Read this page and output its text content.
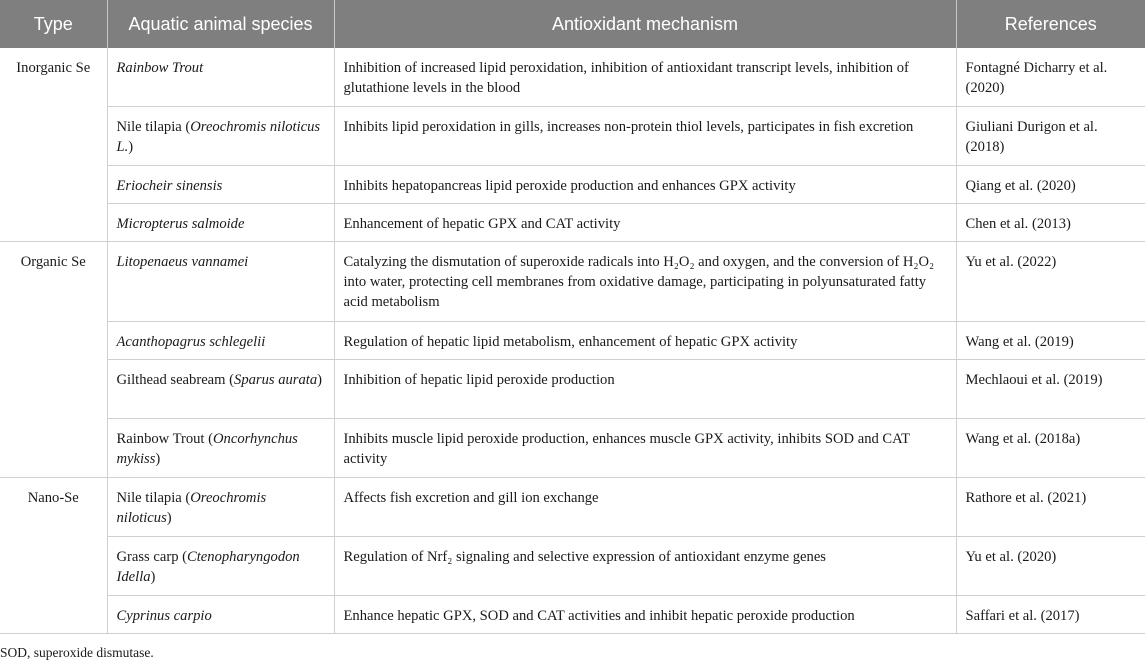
Type	Aquatic animal species	Antioxidant mechanism	References
Inorganic Se	Rainbow Trout	Inhibition of increased lipid peroxidation, inhibition of antioxidant transcript levels, inhibition of glutathione levels in the blood	Fontagné Dicharry et al. (2020)
	Nile tilapia (Oreochromis niloticus L.)	Inhibits lipid peroxidation in gills, increases non-protein thiol levels, participates in fish excretion	Giuliani Durigon et al. (2018)
	Eriocheir sinensis	Inhibits hepatopancreas lipid peroxide production and enhances GPX activity	Qiang et al. (2020)
	Micropterus salmoide	Enhancement of hepatic GPX and CAT activity	Chen et al. (2013)
Organic Se	Litopenaeus vannamei	Catalyzing the dismutation of superoxide radicals into H₂O₂ and oxygen, and the conversion of H₂O₂ into water, protecting cell membranes from oxidative damage, participating in polyunsaturated fatty acid metabolism	Yu et al. (2022)
	Acanthopagrus schlegelii	Regulation of hepatic lipid metabolism, enhancement of hepatic GPX activity	Wang et al. (2019)
	Gilthead seabream (Sparus aurata)	Inhibition of hepatic lipid peroxide production	Mechlaoui et al. (2019)
	Rainbow Trout (Oncorhynchus mykiss)	Inhibits muscle lipid peroxide production, enhances muscle GPX activity, inhibits SOD and CAT activity	Wang et al. (2018a)
Nano-Se	Nile tilapia (Oreochromis niloticus)	Affects fish excretion and gill ion exchange	Rathore et al. (2021)
	Grass carp (Ctenopharyngodon Idella)	Regulation of Nrf₂ signaling and selective expression of antioxidant enzyme genes	Yu et al. (2020)
	Cyprinus carpio	Enhance hepatic GPX, SOD and CAT activities and inhibit hepatic peroxide production	Saffari et al. (2017)
SOD, superoxide dismutase.
